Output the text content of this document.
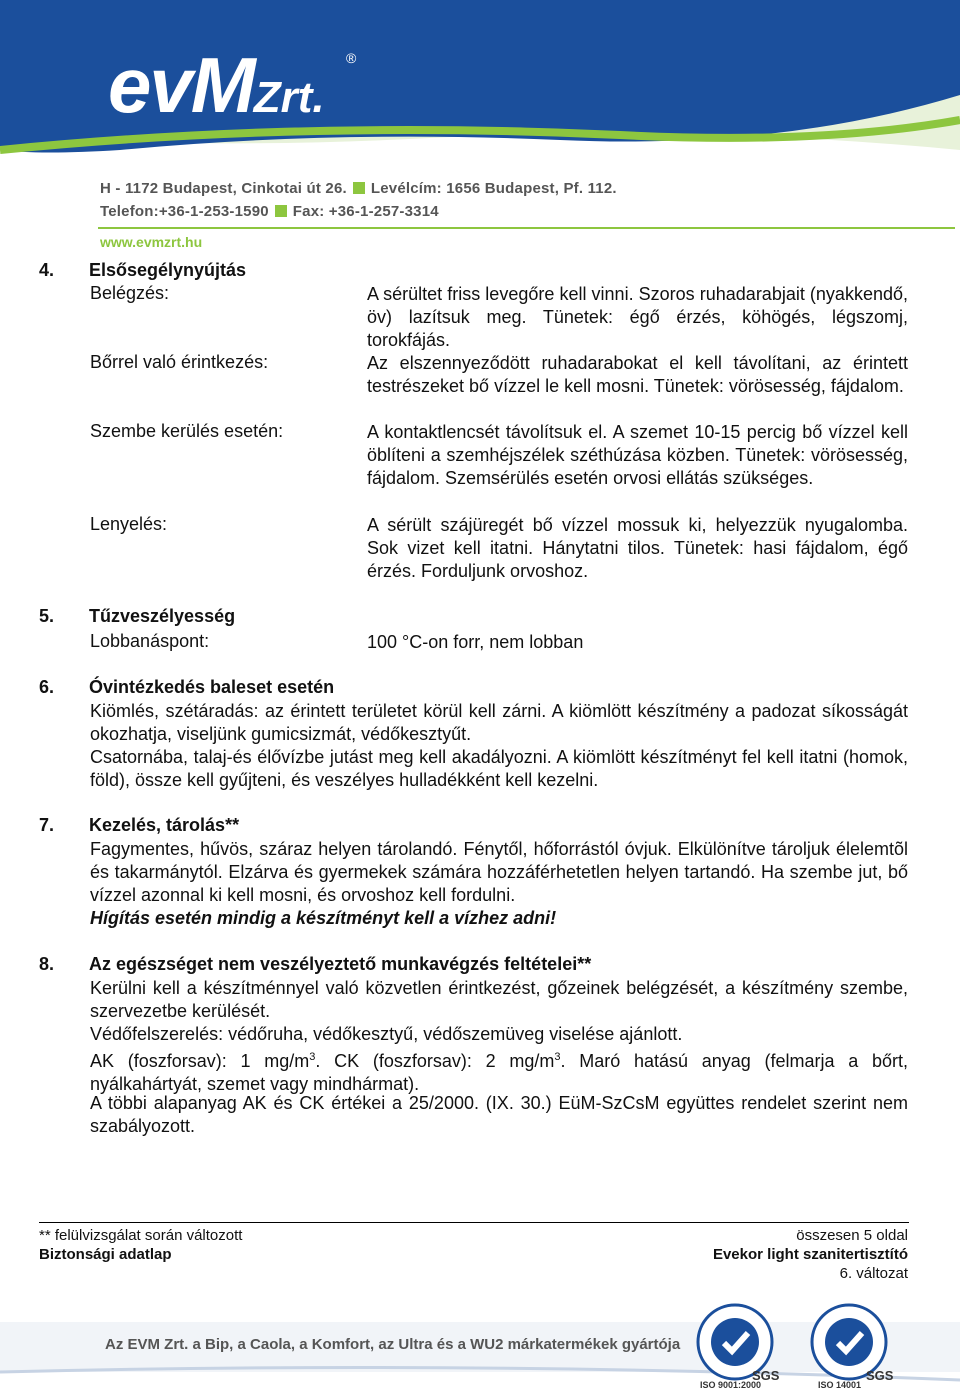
evMZrt.
®
H - 1172 Budapest, Cinkotai út 26. Levélcím: 1656 Budapest, Pf. 112.
Telefon:+36-1-253-1590 Fax: +36-1-257-3314
www.evmzrt.hu
4. Elsősegélynyújtás
Belégzés:	A sérültet friss levegőre kell vinni. Szoros ruhadarabjait (nyakkendő, öv) lazítsuk meg. Tünetek: égő érzés, köhögés, légszomj, torokfájás.
Bőrrel való érintkezés:	Az elszennyeződött ruhadarabokat el kell távolítani, az érintett testrészeket bő vízzel le kell mosni. Tünetek: vörösesség, fájdalom.
Szembe kerülés esetén:	A kontaktlencsét távolítsuk el. A szemet 10-15 percig bő vízzel kell öblíteni a szemhéjszélek széthúzása közben. Tünetek: vörösesség, fájdalom. Szemsérülés esetén orvosi ellátás szükséges.
Lenyelés:	A sérült szájüregét bő vízzel mossuk ki, helyezzük nyugalomba. Sok vizet kell itatni. Hánytatni tilos. Tünetek: hasi fájdalom, égő érzés. Forduljunk orvoshoz.
5. Tűzveszélyesség
Lobbanáspont:	100 °C-on forr, nem lobban
6. Óvintézkedés baleset esetén
Kiömlés, szétáradás: az érintett területet körül kell zárni. A kiömlött készítmény a padozat síkosságát okozhatja, viseljünk gumicsizmát, védőkesztyűt.
Csatornába, talaj-és élővízbe jutást meg kell akadályozni. A kiömlött készítményt fel kell itatni (homok, föld), össze kell gyűjteni, és veszélyes hulladékként kell kezelni.
7. Kezelés, tárolás**
Fagymentes, hűvös, száraz helyen tárolandó. Fénytől, hőforrástól óvjuk. Elkülönítve tároljuk élelemtõl és takarmánytól. Elzárva és gyermekek számára hozzáférhetetlen helyen tartandó. Ha szembe jut, bő vízzel azonnal ki kell mosni, és orvoshoz kell fordulni.
Hígítás esetén mindig a készítményt kell a vízhez adni!
8. Az egészséget nem veszélyeztető munkavégzés feltételei**
Kerülni kell a készítménnyel való közvetlen érintkezést, gőzeinek belégzését, a készítmény szembe, szervezetbe kerülését.
Védőfelszerelés: védőruha, védőkesztyű, védőszemüveg viselése ajánlott.
AK (foszforsav): 1 $mg/m^3$. CK (foszforsav): 2 $mg/m^3$. Maró hatású anyag (felmarja a bőrt, nyálkahártyát, szemet vagy mindhármat).
A többi alapanyag AK és CK értékei a 25/2000. (IX. 30.) EüM-SzCsM együttes rendelet szerint nem szabályozott.
** felülvizsgálat során változott
Biztonsági adatlap
összesen 5 oldal
Evekor light szanitertisztító
6. változat
Az EVM Zrt. a Bip, a Caola, a Komfort, az Ultra és a WU2 márkatermékek gyártója
SGS
ISO 9001:2000
SGS
ISO 14001
